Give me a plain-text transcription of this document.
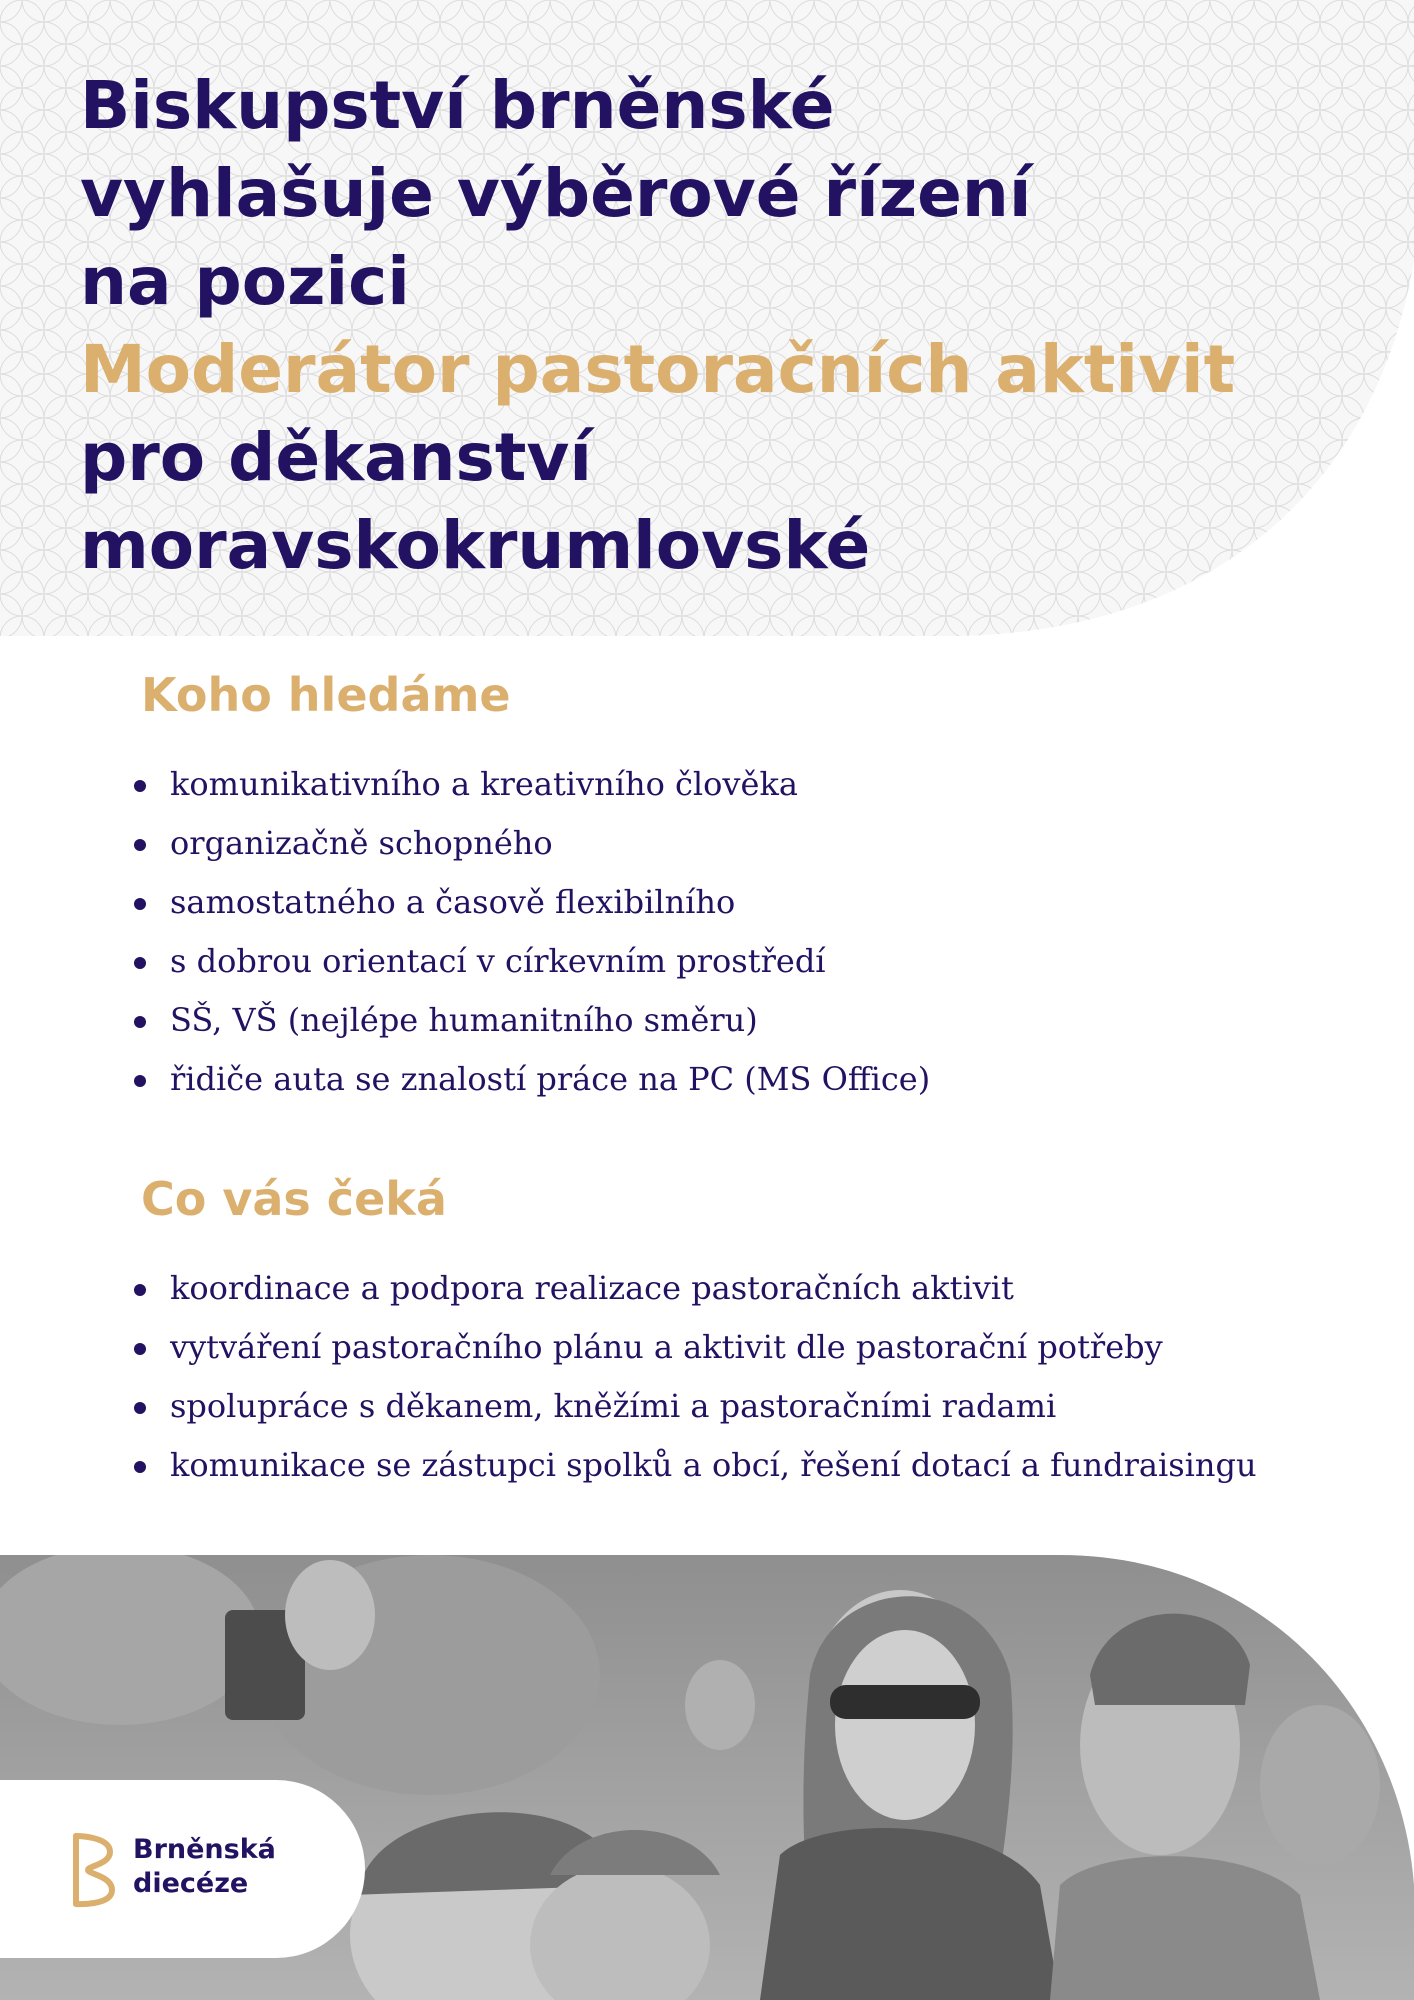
Biskupství brněnské
vyhlašuje výběrové řízení
na pozici
Moderátor pastoračních aktivit
pro děkanství
moravskokrumlovské
Koho hledáme
komunikativního a kreativního člověka
organizačně schopného
samostatného a časově flexibilního
s dobrou orientací v církevním prostředí
SŠ, VŠ (nejlépe humanitního směru)
řidiče auta se znalostí práce na PC (MS Office)
Co vás čeká
koordinace a podpora realizace pastoračních aktivit
vytváření pastoračního plánu a aktivit dle pastorační potřeby
spolupráce s děkanem, kněžími a pastoračními radami
komunikace se zástupci spolků a obcí, řešení dotací a fundraisingu
Brněnská
diecéze
